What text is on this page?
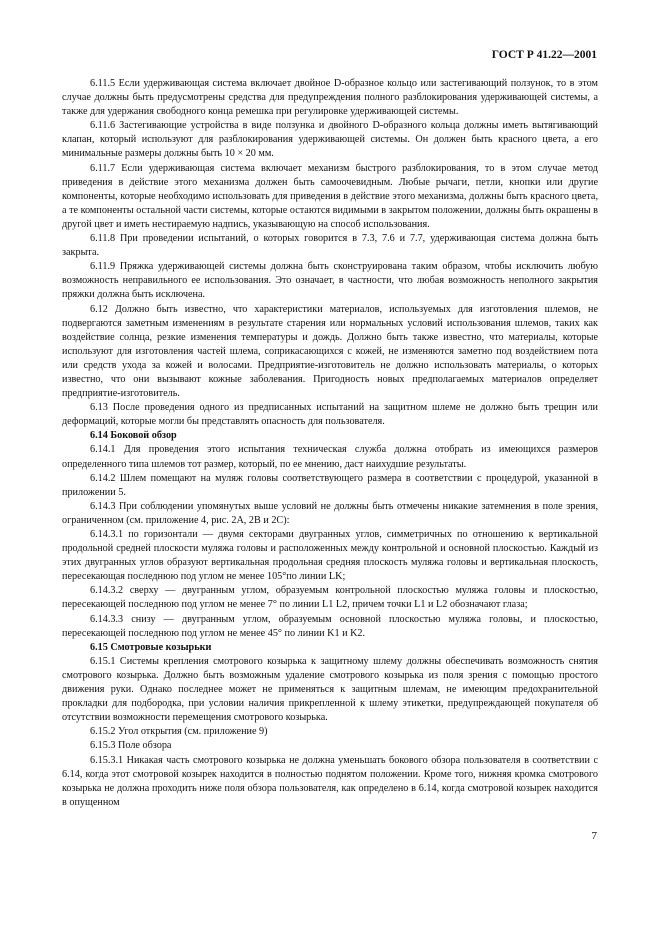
ГОСТ Р 41.22—2001

6.11.5 Если удерживающая система включает двойное D-образное кольцо или застегивающий ползунок, то в этом случае должны быть предусмотрены средства для предупреждения полного разблокирования удерживающей системы, а также для удержания свободного конца ремешка при регулировке удерживающей системы.

6.11.6 Застегивающие устройства в виде ползунка и двойного D-образного кольца должны иметь вытягивающий клапан, который используют для разблокирования удерживающей системы. Он должен быть красного цвета, а его минимальные размеры должны быть 10 × 20 мм.

6.11.7 Если удерживающая система включает механизм быстрого разблокирования, то в этом случае метод приведения в действие этого механизма должен быть самоочевидным. Любые рычаги, петли, кнопки или другие компоненты, которые необходимо использовать для приведения в действие этого механизма, должны быть красного цвета, а те компоненты остальной части системы, которые остаются видимыми в закрытом положении, должны быть окрашены в другой цвет и иметь нестираемую надпись, указывающую на способ использования.

6.11.8 При проведении испытаний, о которых говорится в 7.3, 7.6 и 7.7, удерживающая система должна быть закрыта.

6.11.9 Пряжка удерживающей системы должна быть сконструирована таким образом, чтобы исключить любую возможность неправильного ее использования. Это означает, в частности, что любая возможность неполного закрытия пряжки должна быть исключена.

6.12 Должно быть известно, что характеристики материалов, используемых для изготовления шлемов, не подвергаются заметным изменениям в результате старения или нормальных условий использования шлемов, таких как воздействие солнца, резкие изменения температуры и дождь. Должно быть также известно, что материалы, которые используют для изготовления частей шлема, соприкасающихся с кожей, не изменяются заметно под воздействием пота или средств ухода за кожей и волосами. Предприятие-изготовитель не должно использовать материалы, о которых известно, что они вызывают кожные заболевания. Пригодность новых предполагаемых материалов определяет предприятие-изготовитель.

6.13 После проведения одного из предписанных испытаний на защитном шлеме не должно быть трещин или деформаций, которые могли бы представлять опасность для пользователя.

6.14 Боковой обзор

6.14.1 Для проведения этого испытания техническая служба должна отобрать из имеющихся размеров определенного типа шлемов тот размер, который, по ее мнению, даст наихудшие результаты.

6.14.2 Шлем помещают на муляж головы соответствующего размера в соответствии с процедурой, указанной в приложении 5.

6.14.3 При соблюдении упомянутых выше условий не должны быть отмечены никакие затемнения в поле зрения, ограниченном (см. приложение 4, рис. 2А, 2В и 2С):

6.14.3.1 по горизонтали — двумя секторами двугранных углов, симметричных по отношению к вертикальной продольной средней плоскости муляжа головы и расположенных между контрольной и основной плоскостью. Каждый из этих двугранных углов образуют вертикальная продольная средняя плоскость муляжа головы и вертикальная плоскость, пересекающая последнюю под углом не менее 105°по линии LK;

6.14.3.2 сверху — двугранным углом, образуемым контрольной плоскостью муляжа головы и плоскостью, пересекающей последнюю под углом не менее 7° по линии L1 L2, причем точки L1 и L2 обозначают глаза;

6.14.3.3 снизу — двугранным углом, образуемым основной плоскостью муляжа головы, и плоскостью, пересекающей последнюю под углом не менее 45° по линии K1 и K2.

6.15 Смотровые козырьки

6.15.1 Системы крепления смотрового козырька к защитному шлему должны обеспечивать возможность снятия смотрового козырька. Должно быть возможным удаление смотрового козырька из поля зрения с помощью простого движения руки. Однако последнее может не применяться к защитным шлемам, не имеющим предохранительной прокладки для подбородка, при условии наличия прикрепленной к шлему этикетки, предупреждающей покупателя об отсутствии возможности перемещения смотрового козырька.

6.15.2 Угол открытия (см. приложение 9)

6.15.3 Поле обзора

6.15.3.1 Никакая часть смотрового козырька не должна уменьшать бокового обзора пользователя в соответствии с 6.14, когда этот смотровой козырек находится в полностью поднятом положении. Кроме того, нижняя кромка смотрового козырька не должна проходить ниже поля обзора пользователя, как определено в 6.14, когда смотровой козырек находится в опущенном

7
